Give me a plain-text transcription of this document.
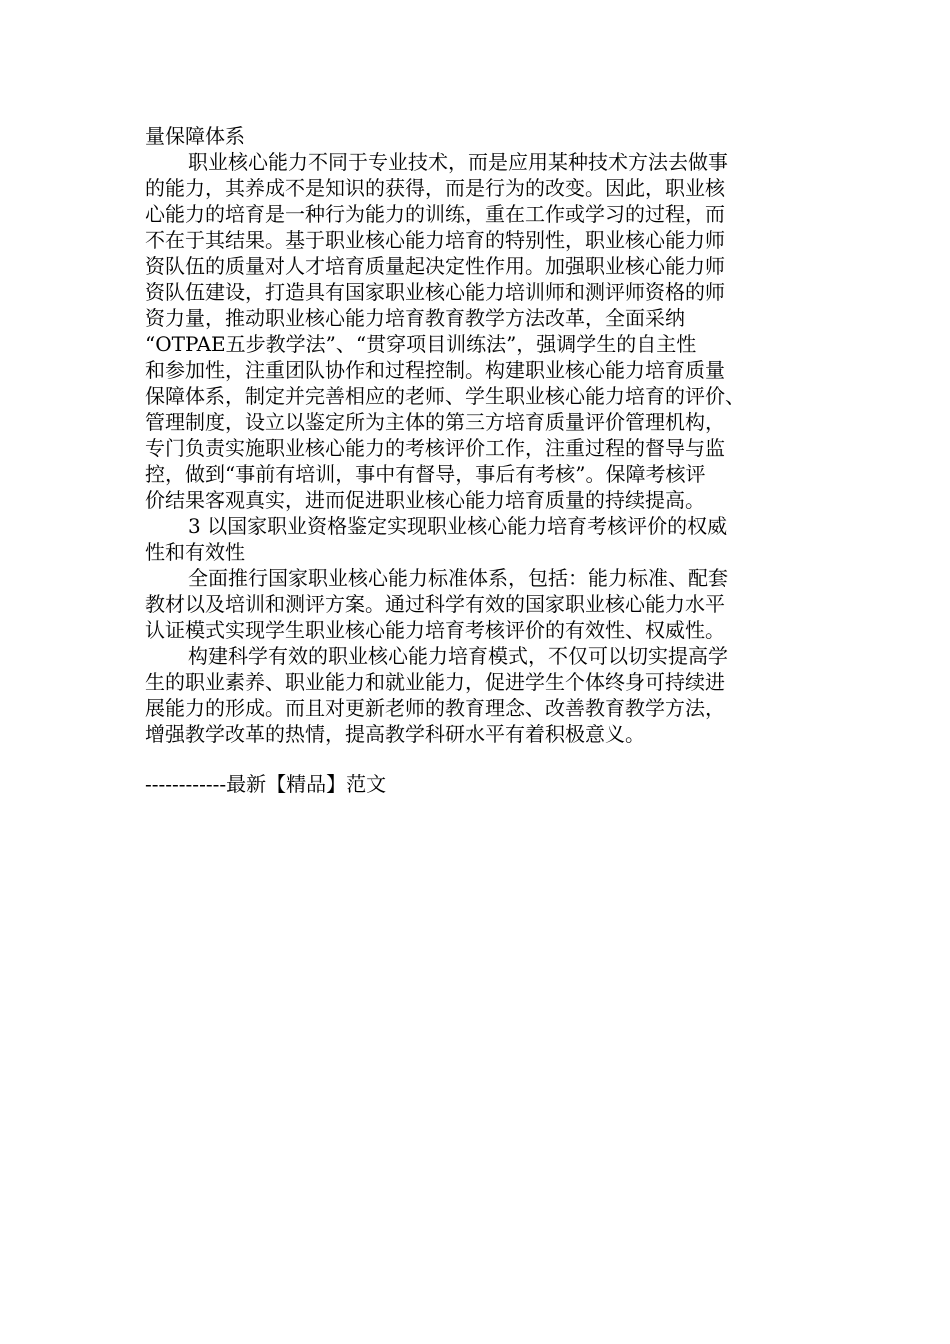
量保障体系
职业核心能力不同于专业技术，而是应用某种技术方法去做事
的能力，其养成不是知识的获得，而是行为的改变。因此，职业核
心能力的培育是一种行为能力的训练，重在工作或学习的过程，而
不在于其结果。基于职业核心能力培育的特别性，职业核心能力师
资队伍的质量对人才培育质量起决定性作用。加强职业核心能力师
资队伍建设，打造具有国家职业核心能力培训师和测评师资格的师
资力量，推动职业核心能力培育教育教学方法改革，全面采纳
“OTPAE五步教学法”、“贯穿项目训练法”，强调学生的自主性
和参加性，注重团队协作和过程控制。构建职业核心能力培育质量
保障体系，制定并完善相应的老师、学生职业核心能力培育的评价、
管理制度，设立以鉴定所为主体的第三方培育质量评价管理机构，
专门负责实施职业核心能力的考核评价工作，注重过程的督导与监
控，做到“事前有培训，事中有督导，事后有考核”。保障考核评
价结果客观真实，进而促进职业核心能力培育质量的持续提高。
3 以国家职业资格鉴定实现职业核心能力培育考核评价的权威
性和有效性
全面推行国家职业核心能力标准体系，包括：能力标准、配套
教材以及培训和测评方案。通过科学有效的国家职业核心能力水平
认证模式实现学生职业核心能力培育考核评价的有效性、权威性。
构建科学有效的职业核心能力培育模式，不仅可以切实提高学
生的职业素养、职业能力和就业能力，促进学生个体终身可持续进
展能力的形成。而且对更新老师的教育理念、改善教育教学方法，
增强教学改革的热情，提高教学科研水平有着积极意义。
------------最新【精品】范文
